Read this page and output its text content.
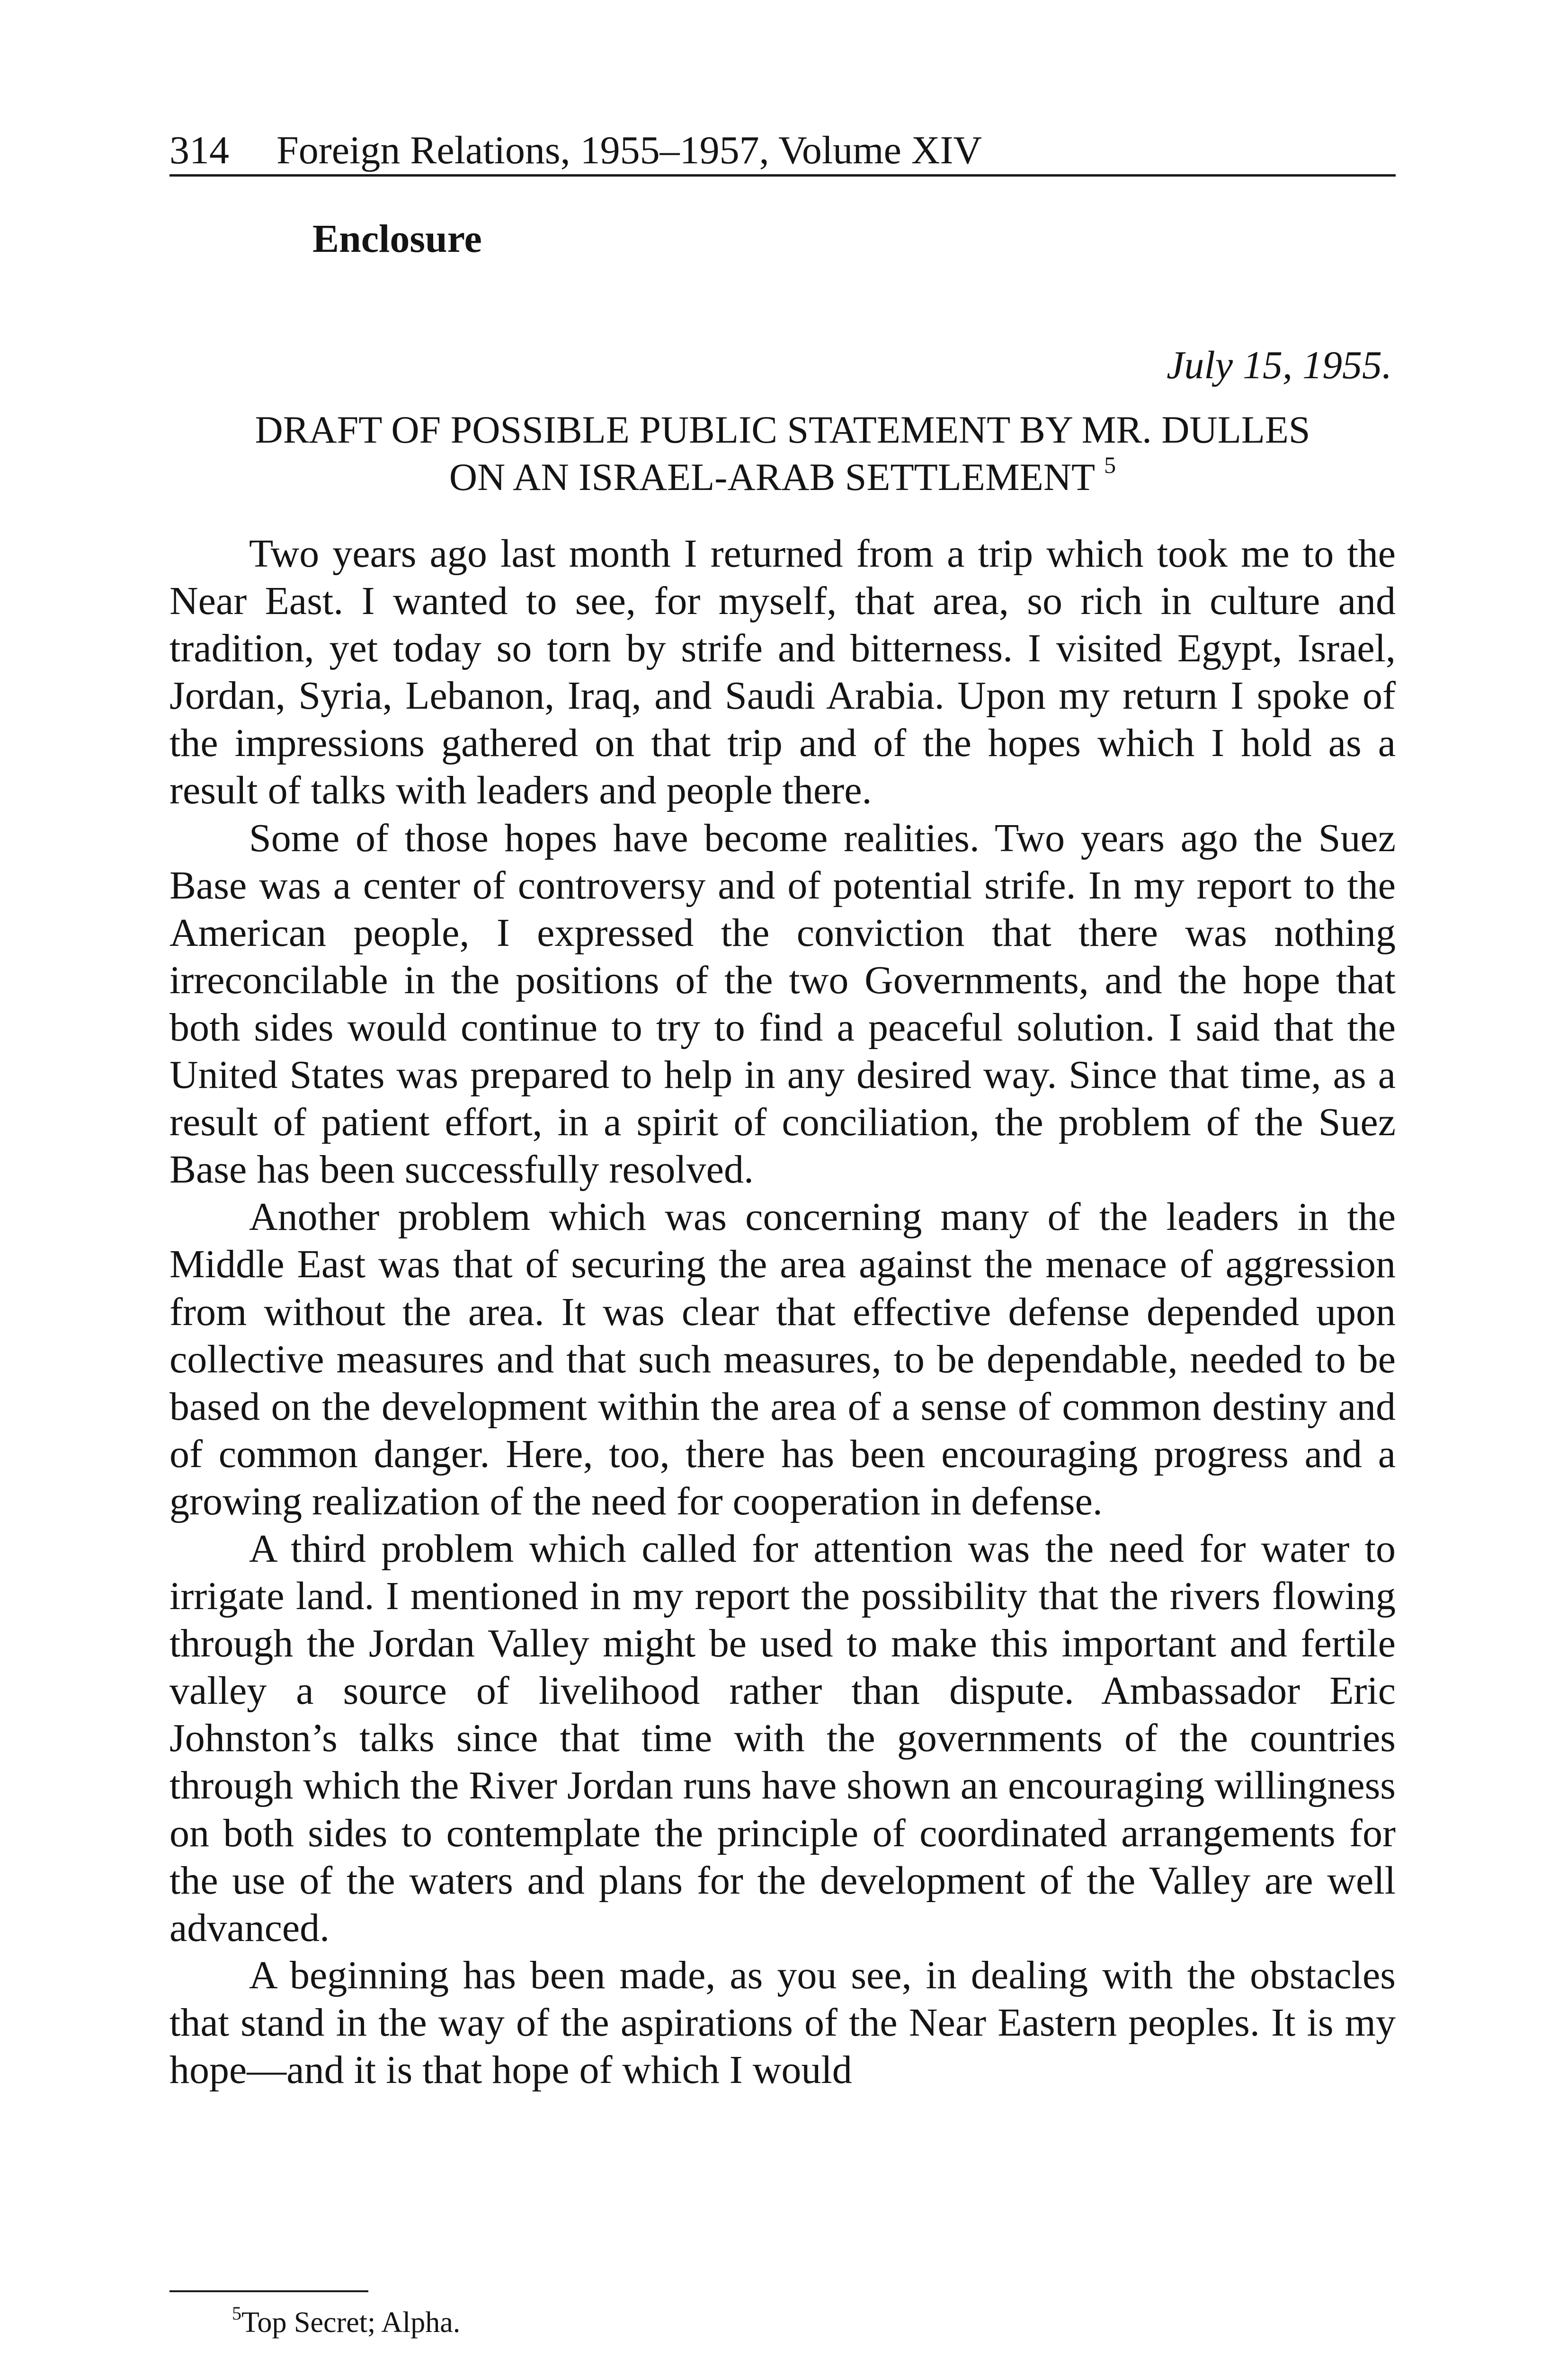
314 Foreign Relations, 1955–1957, Volume XIV
Enclosure
July 15, 1955.
DRAFT OF POSSIBLE PUBLIC STATEMENT BY MR. DULLES
ON AN ISRAEL-ARAB SETTLEMENT $^5$

Two years ago last month I returned from a trip which took me to the Near East. I wanted to see, for myself, that area, so rich in culture and tradition, yet today so torn by strife and bitterness. I visited Egypt, Israel, Jordan, Syria, Lebanon, Iraq, and Saudi Arabia. Upon my return I spoke of the impressions gathered on that trip and of the hopes which I hold as a result of talks with leaders and people there.

Some of those hopes have become realities. Two years ago the Suez Base was a center of controversy and of potential strife. In my report to the American people, I expressed the conviction that there was nothing irreconcilable in the positions of the two Governments, and the hope that both sides would continue to try to find a peaceful solution. I said that the United States was prepared to help in any desired way. Since that time, as a result of patient effort, in a spirit of conciliation, the problem of the Suez Base has been successfully resolved.

Another problem which was concerning many of the leaders in the Middle East was that of securing the area against the menace of aggression from without the area. It was clear that effective defense depended upon collective measures and that such measures, to be dependable, needed to be based on the development within the area of a sense of common destiny and of common danger. Here, too, there has been encouraging progress and a growing realization of the need for cooperation in defense.

A third problem which called for attention was the need for water to irrigate land. I mentioned in my report the possibility that the rivers flowing through the Jordan Valley might be used to make this important and fertile valley a source of livelihood rather than dispute. Ambassador Eric Johnston’s talks since that time with the governments of the countries through which the River Jordan runs have shown an encouraging willingness on both sides to contemplate the principle of coordinated arrangements for the use of the waters and plans for the development of the Valley are well advanced.

A beginning has been made, as you see, in dealing with the obstacles that stand in the way of the aspirations of the Near Eastern peoples. It is my hope—and it is that hope of which I would

$^5$Top Secret; Alpha.
